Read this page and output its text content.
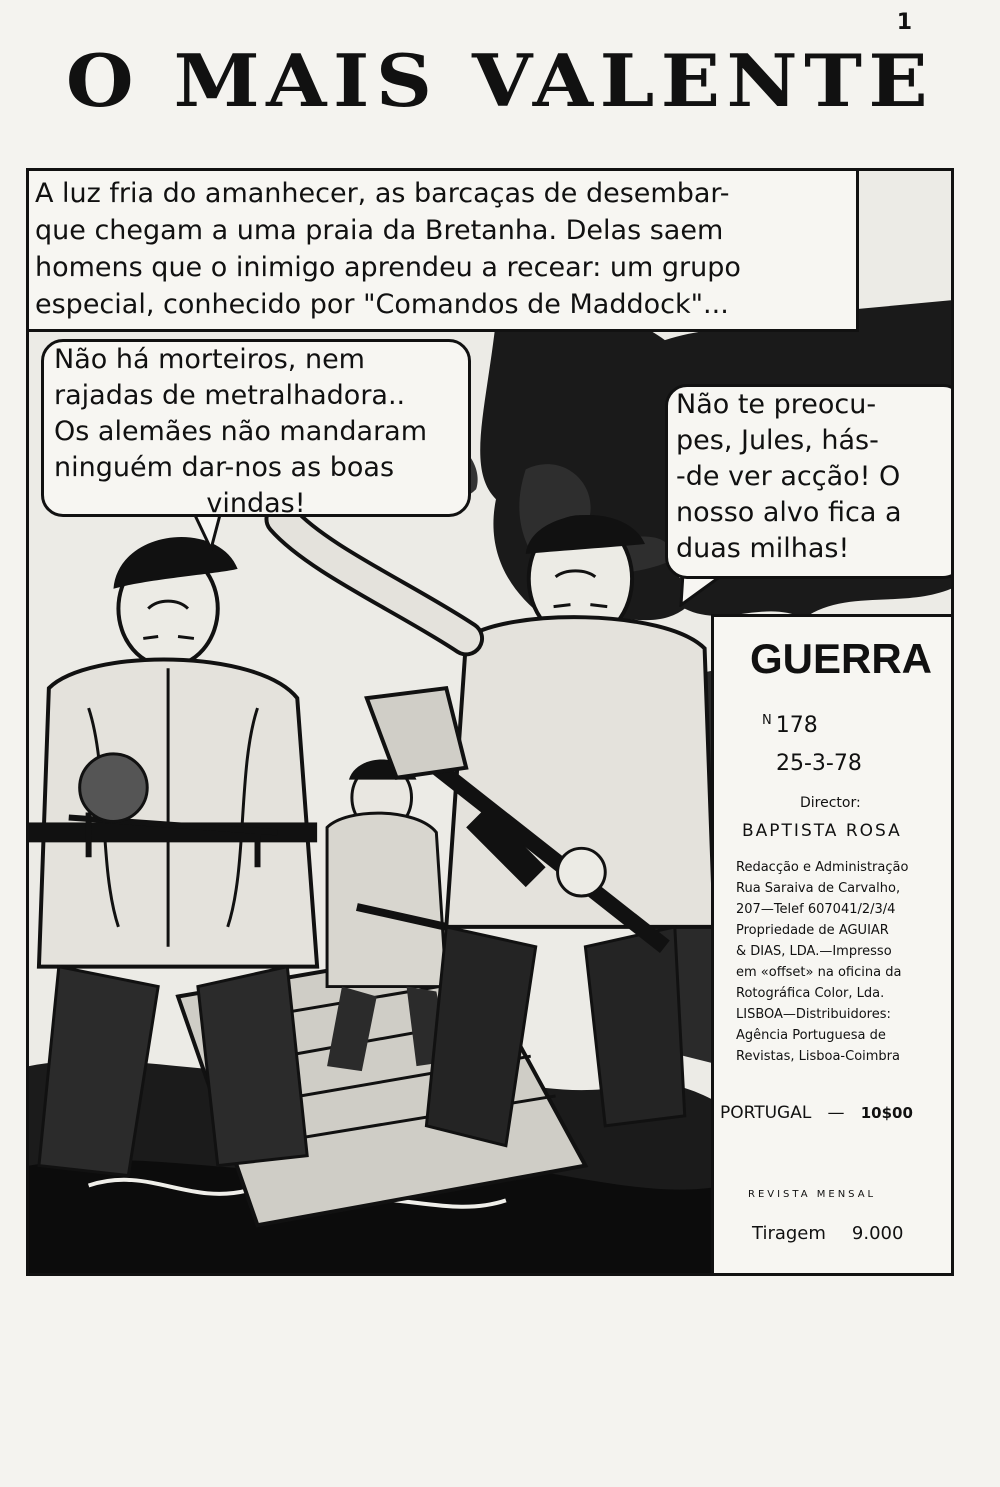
1
O MAIS VALENTE
A luz fria do amanhecer, as barcaças de desembar-
que chegam a uma praia da Bretanha. Delas saem
homens que o inimigo aprendeu a recear: um grupo
especial, conhecido por "Comandos de Maddock"...
Não há morteiros, nem
rajadas de metralhadora..
Os alemães não mandaram
ninguém dar-nos as boas
vindas!
Não te preocu-
pes, Jules, hás-
-de ver acção! O
nosso alvo fica a
duas milhas!
GUERRA
$^N$ 178
25-3-78
Director:
BAPTISTA ROSA
Redacção e Administração
Rua Saraiva de Carvalho,
207—Telef 607041/2/3/4
Propriedade de AGUIAR
& DIAS, LDA.—Impresso
em «offset» na oficina da
Rotográfica Color, Lda.
LISBOA—Distribuidores:
Agência Portuguesa de
Revistas, Lisboa-Coimbra
PORTUGAL — 10$00
REVISTA MENSAL
Tiragem 9.000
